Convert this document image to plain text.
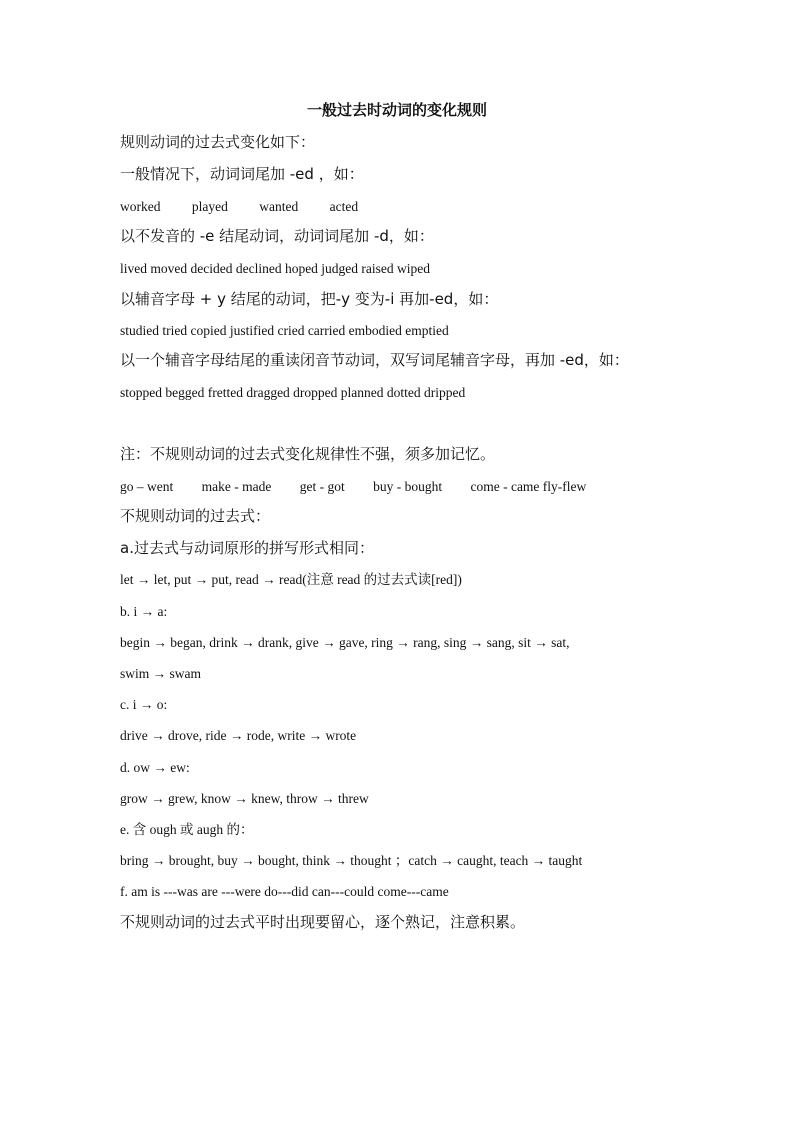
一般过去时动词的变化规则
规则动词的过去式变化如下：
一般情况下，动词词尾加 -ed ，如：
worked played wanted acted
以不发音的 -e 结尾动词，动词词尾加 -d，如：
lived moved decided declined hoped judged raised wiped
以辅音字母 + y 结尾的动词，把-y 变为-i 再加-ed，如：
studied tried copied justified cried carried embodied emptied
以一个辅音字母结尾的重读闭音节动词，双写词尾辅音字母，再加 -ed，如：
stopped begged fretted dragged dropped planned dotted dripped
注：不规则动词的过去式变化规律性不强，须多加记忆。
go – went make - made get - got buy - bought come - came fly-flew
不规则动词的过去式：
a.过去式与动词原形的拼写形式相同：
let → let, put → put, read → read(注意 read 的过去式读[red])
b. i → a:
begin → began, drink → drank, give → gave, ring → rang, sing → sang, sit → sat,
swim → swam
c. i → o:
drive → drove, ride → rode, write → wrote
d. ow → ew:
grow → grew, know → knew, throw → threw
e. 含 ough 或 augh 的：
bring → brought, buy → bought, think → thought ；catch → caught, teach → taught
f. am is ---was are ---were do---did can---could come---came
不规则动词的过去式平时出现要留心，逐个熟记，注意积累。
